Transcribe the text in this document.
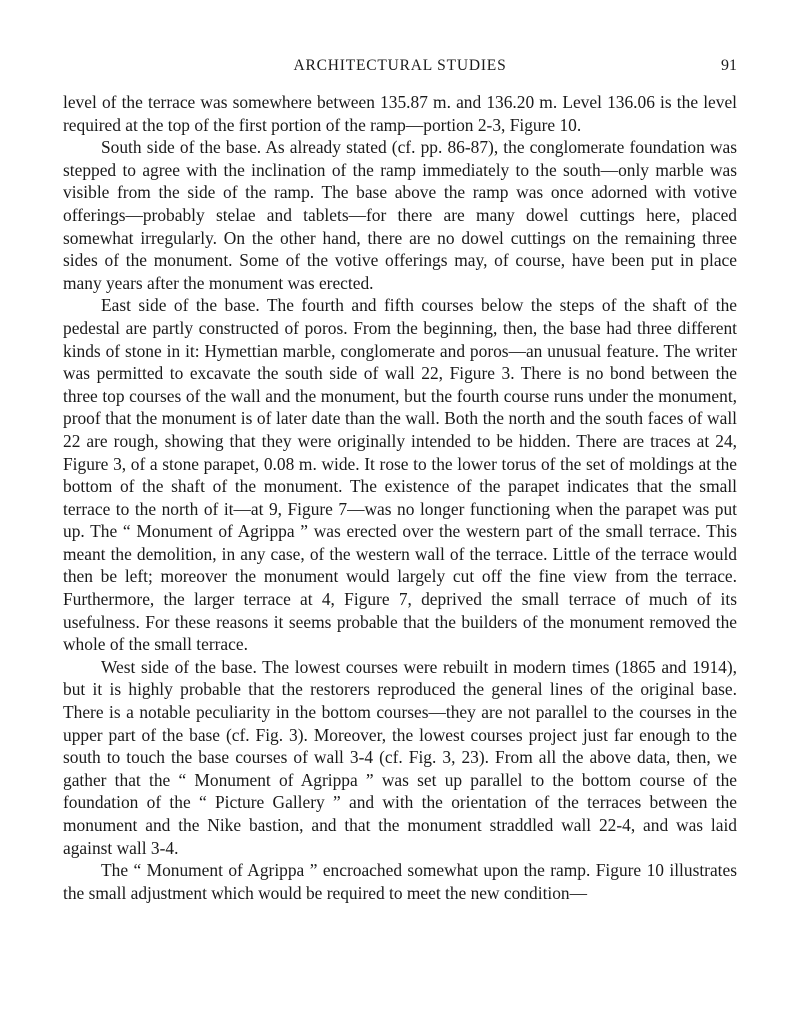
ARCHITECTURAL STUDIES	91

level of the terrace was somewhere between 135.87 m. and 136.20 m. Level 136.06 is the level required at the top of the first portion of the ramp—portion 2-3, Figure 10.

South side of the base. As already stated (cf. pp. 86-87), the conglomerate foundation was stepped to agree with the inclination of the ramp immediately to the south—only marble was visible from the side of the ramp. The base above the ramp was once adorned with votive offerings—probably stelae and tablets—for there are many dowel cuttings here, placed somewhat irregularly. On the other hand, there are no dowel cuttings on the remaining three sides of the monument. Some of the votive offerings may, of course, have been put in place many years after the monument was erected.

East side of the base. The fourth and fifth courses below the steps of the shaft of the pedestal are partly constructed of poros. From the beginning, then, the base had three different kinds of stone in it: Hymettian marble, conglomerate and poros—an unusual feature. The writer was permitted to excavate the south side of wall 22, Figure 3. There is no bond between the three top courses of the wall and the monument, but the fourth course runs under the monument, proof that the monument is of later date than the wall. Both the north and the south faces of wall 22 are rough, showing that they were originally intended to be hidden. There are traces at 24, Figure 3, of a stone parapet, 0.08 m. wide. It rose to the lower torus of the set of moldings at the bottom of the shaft of the monument. The existence of the parapet indicates that the small terrace to the north of it—at 9, Figure 7—was no longer functioning when the parapet was put up. The “ Monument of Agrippa ” was erected over the western part of the small terrace. This meant the demolition, in any case, of the western wall of the terrace. Little of the terrace would then be left; moreover the monument would largely cut off the fine view from the terrace. Furthermore, the larger terrace at 4, Figure 7, deprived the small terrace of much of its usefulness. For these reasons it seems probable that the builders of the monument removed the whole of the small terrace.

West side of the base. The lowest courses were rebuilt in modern times (1865 and 1914), but it is highly probable that the restorers reproduced the general lines of the original base. There is a notable peculiarity in the bottom courses—they are not parallel to the courses in the upper part of the base (cf. Fig. 3). Moreover, the lowest courses project just far enough to the south to touch the base courses of wall 3-4 (cf. Fig. 3, 23). From all the above data, then, we gather that the “ Monument of Agrippa ” was set up parallel to the bottom course of the foundation of the “ Picture Gallery ” and with the orientation of the terraces between the monument and the Nike bastion, and that the monument straddled wall 22-4, and was laid against wall 3-4.

The “ Monument of Agrippa ” encroached somewhat upon the ramp. Figure 10 illustrates the small adjustment which would be required to meet the new condition—
